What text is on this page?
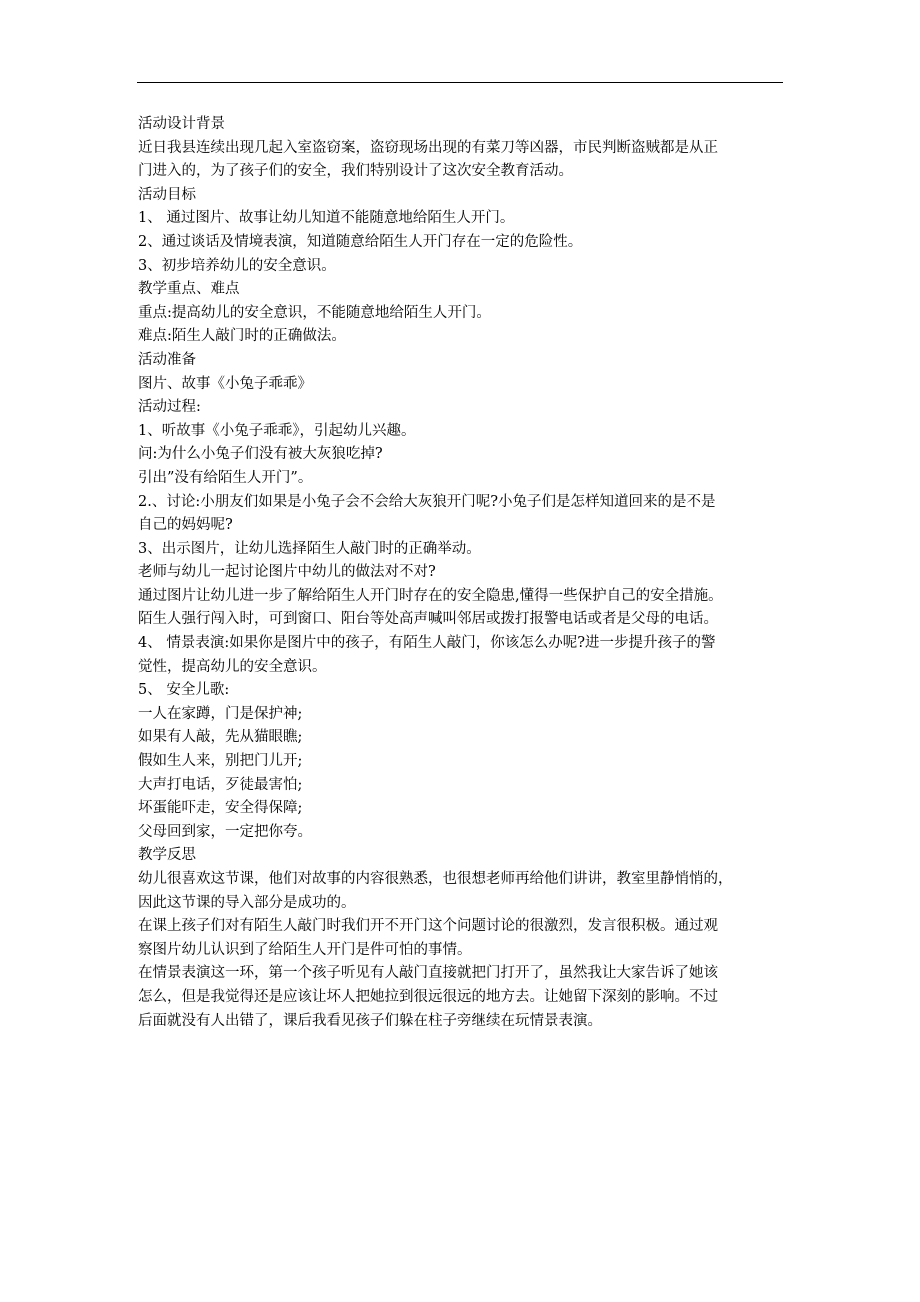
活动设计背景

近日我县连续出现几起入室盗窃案，盗窃现场出现的有菜刀等凶器，市民判断盗贼都是从正

门进入的，为了孩子们的安全，我们特别设计了这次安全教育活动。

活动目标

1、 通过图片、故事让幼儿知道不能随意地给陌生人开门。

2、通过谈话及情境表演，知道随意给陌生人开门存在一定的危险性。

3、初步培养幼儿的安全意识。

教学重点、难点

重点:提高幼儿的安全意识，不能随意地给陌生人开门。

难点:陌生人敲门时的正确做法。

活动准备

图片、故事《小兔子乖乖》

活动过程:

1、听故事《小兔子乖乖》，引起幼儿兴趣。

问:为什么小兔子们没有被大灰狼吃掉?

引出”没有给陌生人开门”。

2.、讨论:小朋友们如果是小兔子会不会给大灰狼开门呢?小兔子们是怎样知道回来的是不是

自己的妈妈呢?

3、出示图片，让幼儿选择陌生人敲门时的正确举动。

老师与幼儿一起讨论图片中幼儿的做法对不对?

通过图片让幼儿进一步了解给陌生人开门时存在的安全隐患,懂得一些保护自己的安全措施。

陌生人强行闯入时，可到窗口、阳台等处高声喊叫邻居或拨打报警电话或者是父母的电话。

4、 情景表演:如果你是图片中的孩子，有陌生人敲门，你该怎么办呢?进一步提升孩子的警

觉性，提高幼儿的安全意识。

5、 安全儿歌:

一人在家蹲，门是保护神;

如果有人敲，先从猫眼瞧;

假如生人来，别把门儿开;

大声打电话，歹徒最害怕;

坏蛋能吓走，安全得保障;

父母回到家，一定把你夸。

教学反思

幼儿很喜欢这节课，他们对故事的内容很熟悉，也很想老师再给他们讲讲，教室里静悄悄的，

因此这节课的导入部分是成功的。

在课上孩子们对有陌生人敲门时我们开不开门这个问题讨论的很激烈，发言很积极。通过观

察图片幼儿认识到了给陌生人开门是件可怕的事情。

在情景表演这一环，第一个孩子听见有人敲门直接就把门打开了，虽然我让大家告诉了她该

怎么，但是我觉得还是应该让坏人把她拉到很远很远的地方去。让她留下深刻的影响。不过

后面就没有人出错了，课后我看见孩子们躲在柱子旁继续在玩情景表演。
